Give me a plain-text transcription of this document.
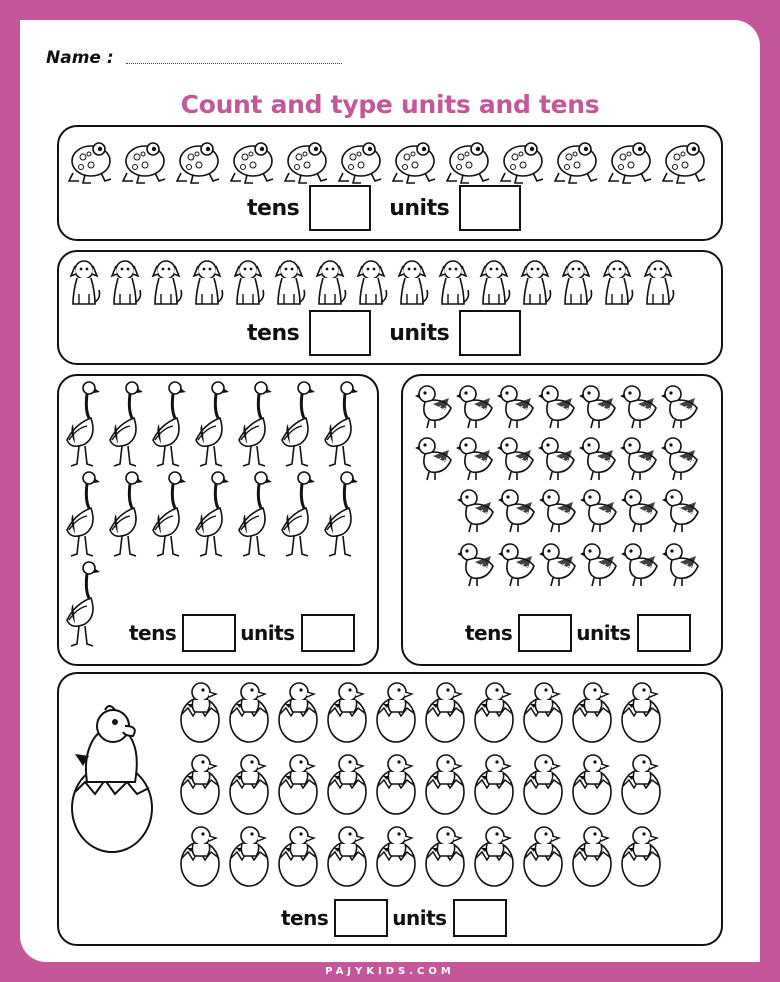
Name :
Count and type units and tens
tens	units
tens	units
tens	units	tens	units
tens	units
PAJYKIDS.COM
